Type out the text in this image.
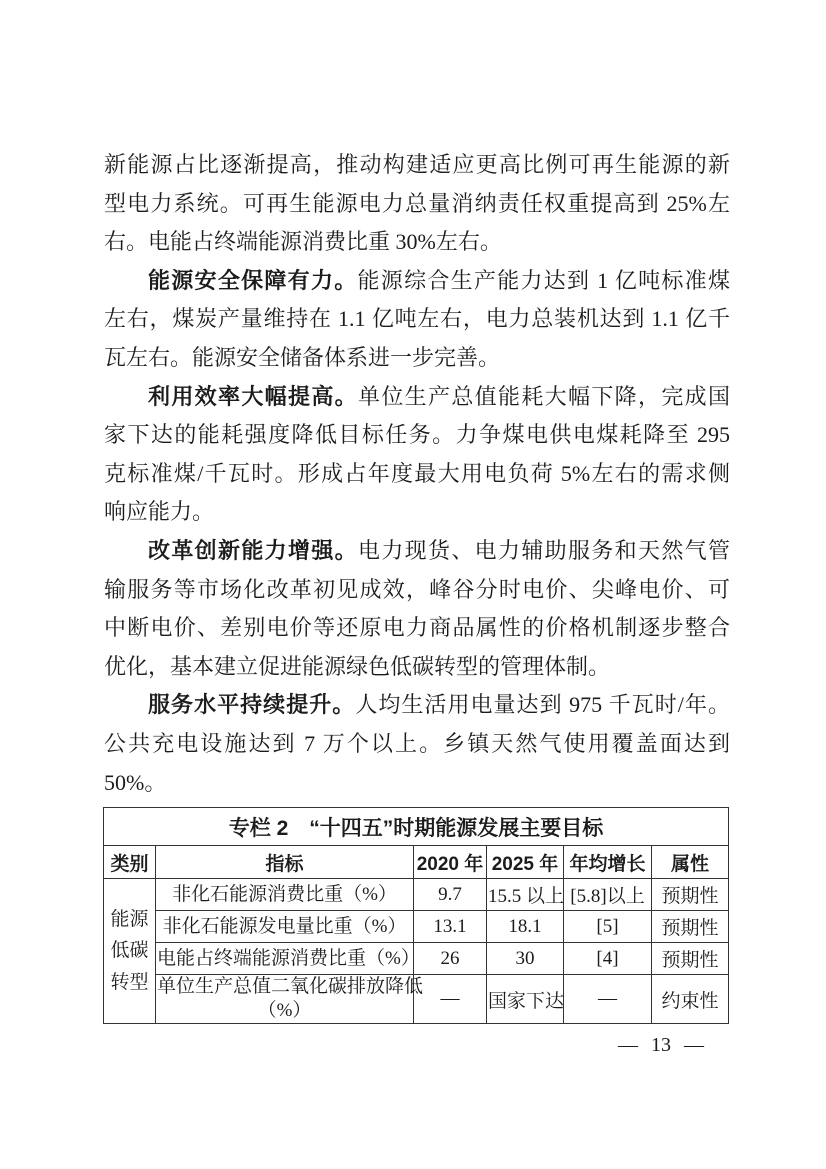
新能源占比逐渐提高，推动构建适应更高比例可再生能源的新
型电力系统。可再生能源电力总量消纳责任权重提高到 25%左
右。电能占终端能源消费比重 30%左右。
能源安全保障有力。能源综合生产能力达到 1 亿吨标准煤
左右，煤炭产量维持在 1.1 亿吨左右，电力总装机达到 1.1 亿千
瓦左右。能源安全储备体系进一步完善。
利用效率大幅提高。单位生产总值能耗大幅下降，完成国
家下达的能耗强度降低目标任务。力争煤电供电煤耗降至 295
克标准煤/千瓦时。形成占年度最大用电负荷 5%左右的需求侧
响应能力。
改革创新能力增强。电力现货、电力辅助服务和天然气管
输服务等市场化改革初见成效，峰谷分时电价、尖峰电价、可
中断电价、差别电价等还原电力商品属性的价格机制逐步整合
优化，基本建立促进能源绿色低碳转型的管理体制。
服务水平持续提升。人均生活用电量达到 975 千瓦时/年。
公共充电设施达到 7 万个以上。乡镇天然气使用覆盖面达到
50%。
专栏 2　“十四五”时期能源发展主要目标					
类别	指标	2020 年	2025 年	年均增长	属性
能源低碳转型	非化石能源消费比重（%）	9.7	15.5 以上	[5.8]以上	预期性
	非化石能源发电量比重（%）	13.1	18.1	[5]	预期性
	电能占终端能源消费比重（%）	26	30	[4]	预期性
	单位生产总值二氧化碳排放降低
（%）	—	国家下达	—	约束性
— 13 —
